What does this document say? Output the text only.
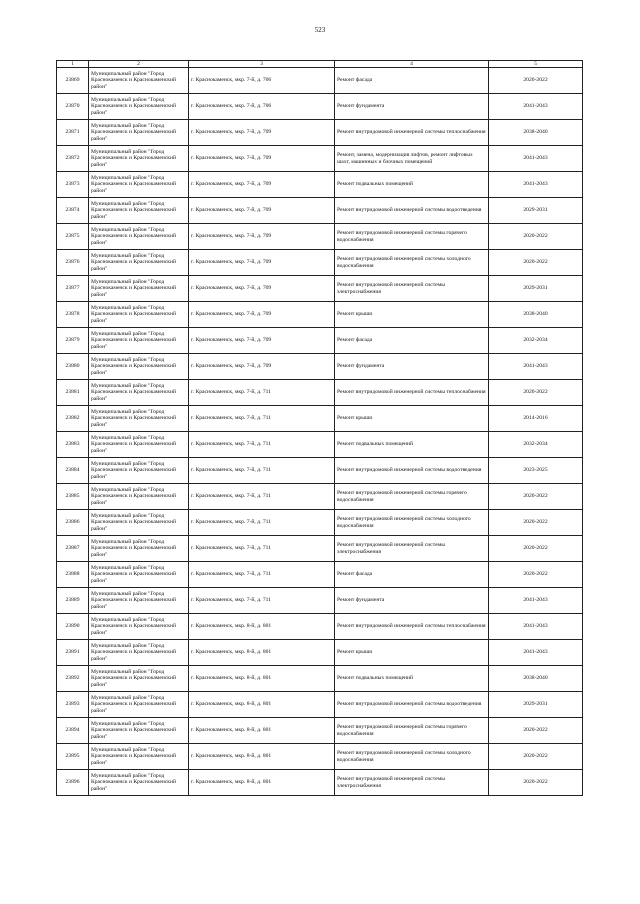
523
1	2	3	4	5
23869	Муниципальный район "Город Краснокаменск и Краснокаменский район"	г. Краснокаменск, мкр. 7-й, д. 706	Ремонт фасада	2020-2022
23870	Муниципальный район "Город Краснокаменск и Краснокаменский район"	г. Краснокаменск, мкр. 7-й, д. 706	Ремонт фундамента	2041-2043
23871	Муниципальный район "Город Краснокаменск и Краснокаменский район"	г. Краснокаменск, мкр. 7-й, д. 709	Ремонт внутридомовой инженерной системы теплоснабжения	2038-2040
23872	Муниципальный район "Город Краснокаменск и Краснокаменский район"	г. Краснокаменск, мкр. 7-й, д. 709	Ремонт, замена, модернизация лифтов, ремонт лифтовых шахт, машинных и блочных помещений	2041-2043
23873	Муниципальный район "Город Краснокаменск и Краснокаменский район"	г. Краснокаменск, мкр. 7-й, д. 709	Ремонт подвальных помещений	2041-2043
23874	Муниципальный район "Город Краснокаменск и Краснокаменский район"	г. Краснокаменск, мкр. 7-й, д. 709	Ремонт внутридомовой инженерной системы водоотведения	2029-2031
23875	Муниципальный район "Город Краснокаменск и Краснокаменский район"	г. Краснокаменск, мкр. 7-й, д. 709	Ремонт внутридомовой инженерной системы горячего водоснабжения	2020-2022
23876	Муниципальный район "Город Краснокаменск и Краснокаменский район"	г. Краснокаменск, мкр. 7-й, д. 709	Ремонт внутридомовой инженерной системы холодного водоснабжения	2020-2022
23877	Муниципальный район "Город Краснокаменск и Краснокаменский район"	г. Краснокаменск, мкр. 7-й, д. 709	Ремонт внутридомовой инженерной системы электроснабжения	2029-2031
23878	Муниципальный район "Город Краснокаменск и Краснокаменский район"	г. Краснокаменск, мкр. 7-й, д. 709	Ремонт крыши	2038-2040
23879	Муниципальный район "Город Краснокаменск и Краснокаменский район"	г. Краснокаменск, мкр. 7-й, д. 709	Ремонт фасада	2032-2034
23880	Муниципальный район "Город Краснокаменск и Краснокаменский район"	г. Краснокаменск, мкр. 7-й, д. 709	Ремонт фундамента	2041-2043
23881	Муниципальный район "Город Краснокаменск и Краснокаменский район"	г. Краснокаменск, мкр. 7-й, д. 711	Ремонт внутридомовой инженерной системы теплоснабжения	2020-2022
23882	Муниципальный район "Город Краснокаменск и Краснокаменский район"	г. Краснокаменск, мкр. 7-й, д. 711	Ремонт крыши	2014-2016
23883	Муниципальный район "Город Краснокаменск и Краснокаменский район"	г. Краснокаменск, мкр. 7-й, д. 711	Ремонт подвальных помещений	2032-2034
23884	Муниципальный район "Город Краснокаменск и Краснокаменский район"	г. Краснокаменск, мкр. 7-й, д. 711	Ремонт внутридомовой инженерной системы водоотведения	2023-2025
23885	Муниципальный район "Город Краснокаменск и Краснокаменский район"	г. Краснокаменск, мкр. 7-й, д. 711	Ремонт внутридомовой инженерной системы горячего водоснабжения	2020-2022
23886	Муниципальный район "Город Краснокаменск и Краснокаменский район"	г. Краснокаменск, мкр. 7-й, д. 711	Ремонт внутридомовой инженерной системы холодного водоснабжения	2020-2022
23887	Муниципальный район "Город Краснокаменск и Краснокаменский район"	г. Краснокаменск, мкр. 7-й, д. 711	Ремонт внутридомовой инженерной системы электроснабжения	2020-2022
23888	Муниципальный район "Город Краснокаменск и Краснокаменский район"	г. Краснокаменск, мкр. 7-й, д. 711	Ремонт фасада	2020-2022
23889	Муниципальный район "Город Краснокаменск и Краснокаменский район"	г. Краснокаменск, мкр. 7-й, д. 711	Ремонт фундамента	2041-2043
23890	Муниципальный район "Город Краснокаменск и Краснокаменский район"	г. Краснокаменск, мкр. 8-й, д. 801	Ремонт внутридомовой инженерной системы теплоснабжения	2041-2043
23891	Муниципальный район "Город Краснокаменск и Краснокаменский район"	г. Краснокаменск, мкр. 8-й, д. 801	Ремонт крыши	2041-2043
23892	Муниципальный район "Город Краснокаменск и Краснокаменский район"	г. Краснокаменск, мкр. 8-й, д. 801	Ремонт подвальных помещений	2038-2040
23893	Муниципальный район "Город Краснокаменск и Краснокаменский район"	г. Краснокаменск, мкр. 8-й, д. 801	Ремонт внутридомовой инженерной системы водоотведения	2029-2031
23894	Муниципальный район "Город Краснокаменск и Краснокаменский район"	г. Краснокаменск, мкр. 8-й, д. 801	Ремонт внутридомовой инженерной системы горячего водоснабжения	2020-2022
23895	Муниципальный район "Город Краснокаменск и Краснокаменский район"	г. Краснокаменск, мкр. 8-й, д. 801	Ремонт внутридомовой инженерной системы холодного водоснабжения	2020-2022
23896	Муниципальный район "Город Краснокаменск и Краснокаменский район"	г. Краснокаменск, мкр. 8-й, д. 801	Ремонт внутридомовой инженерной системы электроснабжения	2020-2022
